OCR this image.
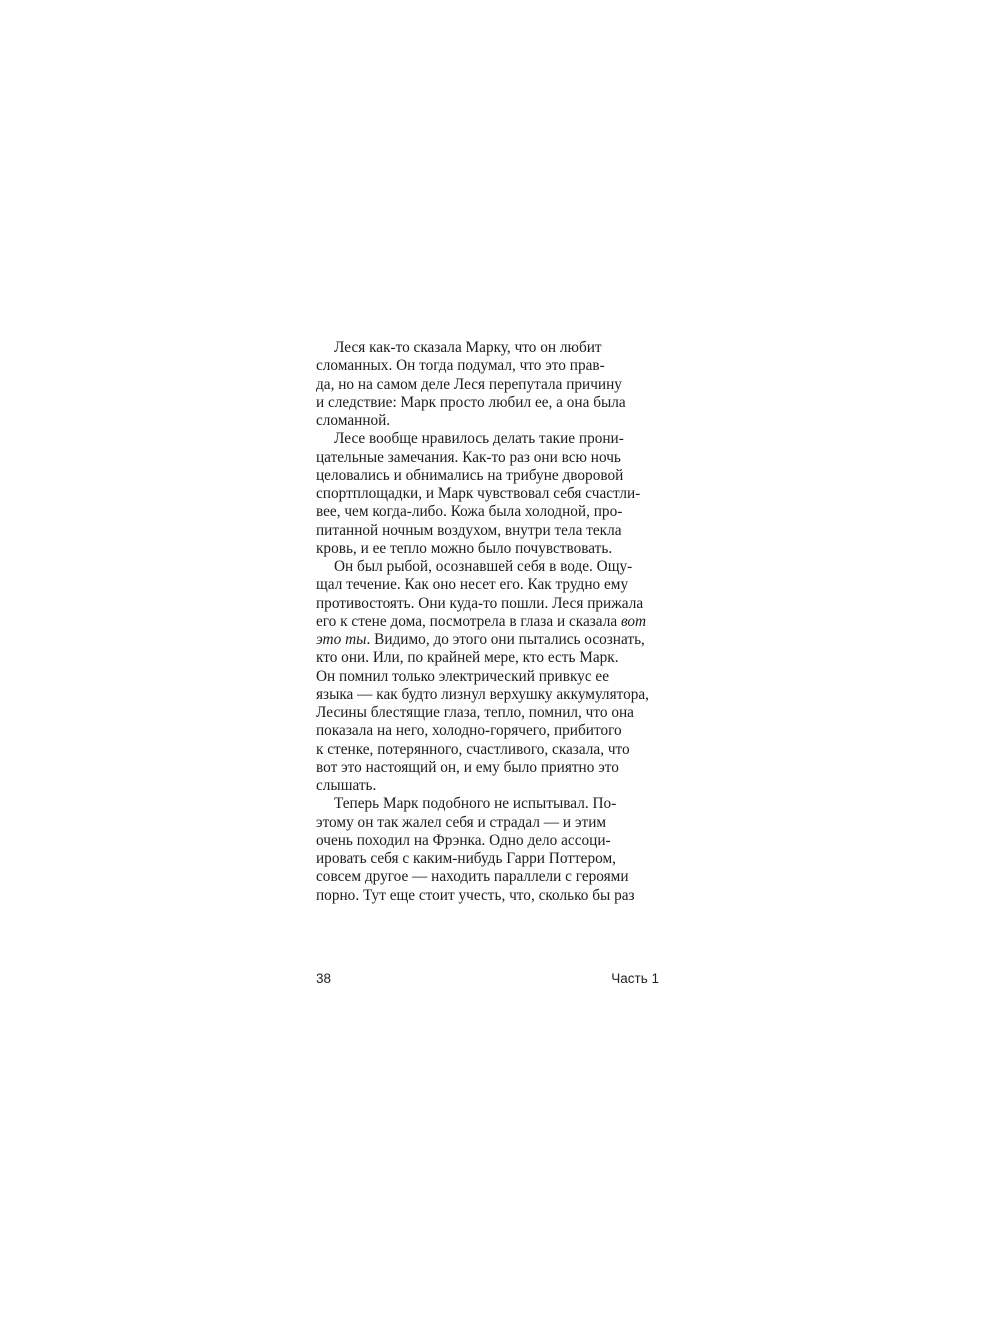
Леся как-то сказала Марку, что он любит
сломанных. Он тогда подумал, что это прав-
да, но на самом деле Леся перепутала причину
и следствие: Марк просто любил ее, а она была
сломанной.
Лесе вообще нравилось делать такие прони-
цательные замечания. Как-то раз они всю ночь
целовались и обнимались на трибуне дворовой
спортплощадки, и Марк чувствовал себя счастли-
вее, чем когда-либо. Кожа была холодной, про-
питанной ночным воздухом, внутри тела текла
кровь, и ее тепло можно было почувствовать.
Он был рыбой, осознавшей себя в воде. Ощу-
щал течение. Как оно несет его. Как трудно ему
противостоять. Они куда-то пошли. Леся прижала
его к стене дома, посмотрела в глаза и сказала вот
это ты. Видимо, до этого они пытались осознать,
кто они. Или, по крайней мере, кто есть Марк.
Он помнил только электрический привкус ее
языка — как будто лизнул верхушку аккумулятора,
Лесины блестящие глаза, тепло, помнил, что она
показала на него, холодно-горячего, прибитого
к стенке, потерянного, счастливого, сказала, что
вот это настоящий он, и ему было приятно это
слышать.
Теперь Марк подобного не испытывал. По-
этому он так жалел себя и страдал — и этим
очень походил на Фрэнка. Одно дело ассоци-
ировать себя с каким-нибудь Гарри Поттером,
совсем другое — находить параллели с героями
порно. Тут еще стоит учесть, что, сколько бы раз
38	Часть 1
